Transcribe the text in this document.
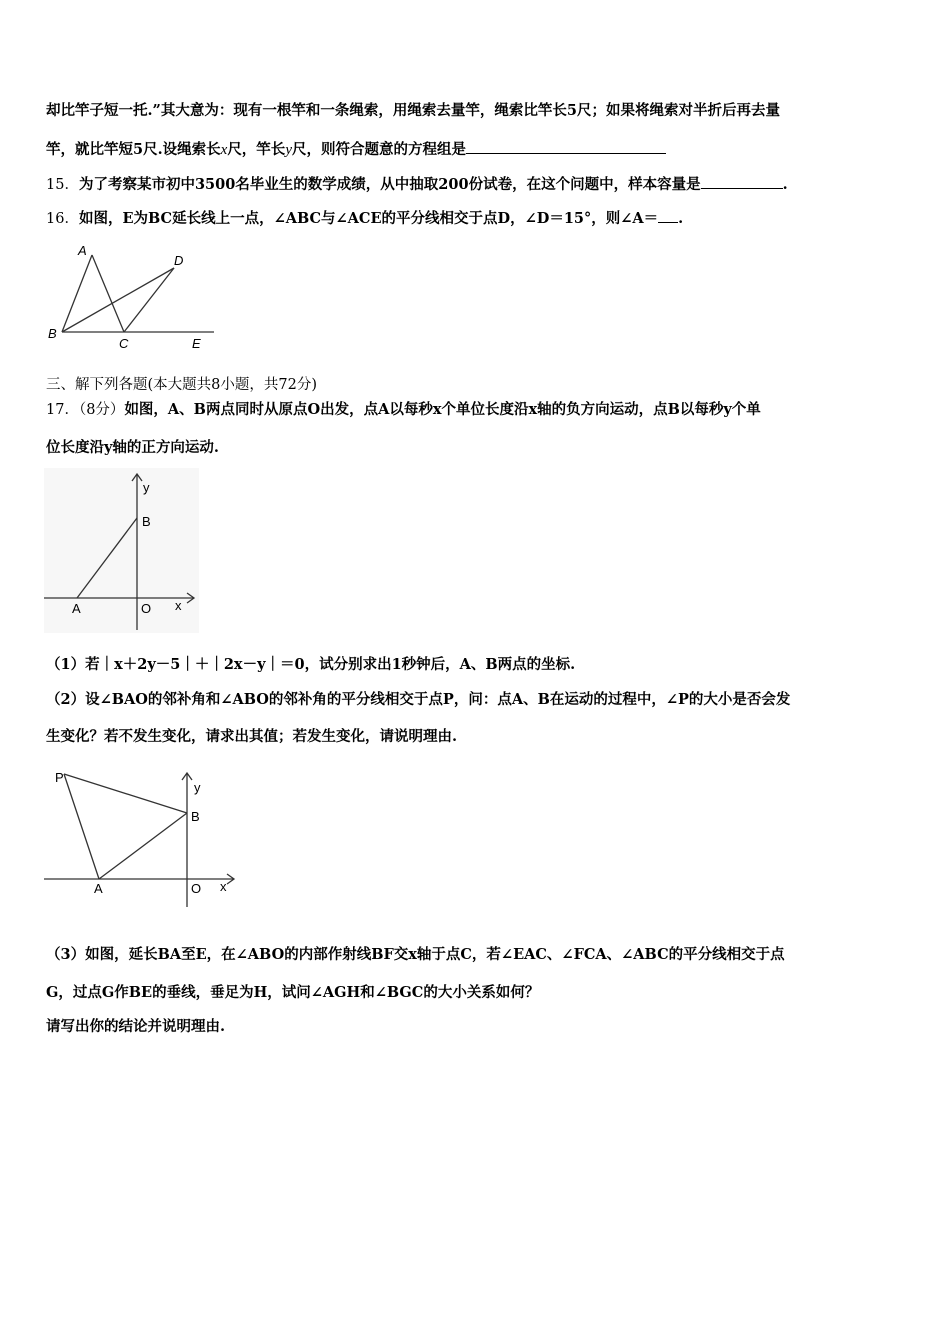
却比竿子短一托.”其大意为：现有一根竿和一条绳索，用绳索去量竿，绳索比竿长5尺；如果将绳索对半折后再去量
竿，就比竿短5尺.设绳索长x尺，竿长y尺，则符合题意的方程组是
15．为了考察某市初中3500名毕业生的数学成绩，从中抽取200份试卷，在这个问题中，样本容量是	.
16．如图，E为BC延长线上一点，∠ABC与∠ACE的平分线相交于点D，∠D＝15°，则∠A＝ .
A
D
B
C	E
三、解下列各题(本大题共8小题，共72分)
17．（8分）如图，A、B两点同时从原点O出发，点A以每秒x个单位长度沿x轴的负方向运动，点B以每秒y个单
位长度沿y轴的正方向运动.
y
B
A	O x
（1）若｜x＋2y－5｜＋｜2x－y｜＝0，试分别求出1秒钟后，A、B两点的坐标.
（2）设∠BAO的邻补角和∠ABO的邻补角的平分线相交于点P，问：点A、B在运动的过程中，∠P的大小是否会发
生变化？若不发生变化，请求出其值；若发生变化，请说明理由.
P
y
B
A	O x
（3）如图，延长BA至E，在∠ABO的内部作射线BF交x轴于点C，若∠EAC、∠FCA、∠ABC的平分线相交于点
G，过点G作BE的垂线，垂足为H，试问∠AGH和∠BGC的大小关系如何？
请写出你的结论并说明理由.
